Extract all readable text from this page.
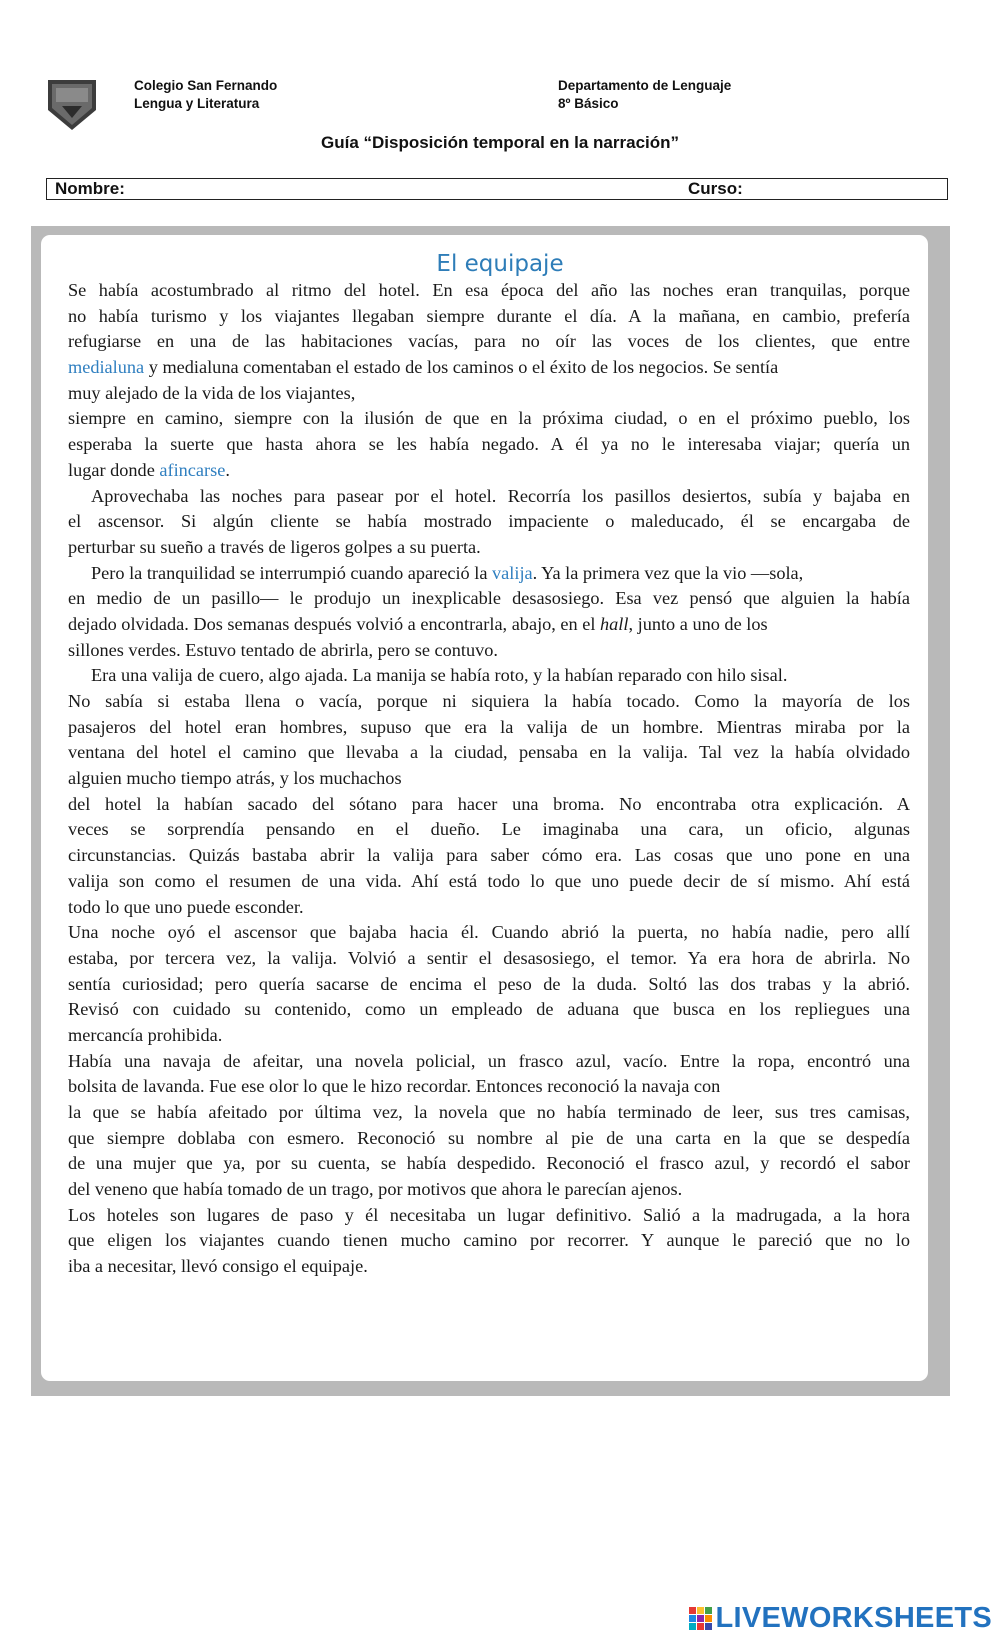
Colegio San Fernando
Lengua y Literatura
Departamento de Lenguaje
8º Básico
Guía “Disposición temporal en la narración”
Nombre:	Curso:
El equipaje
Se había acostumbrado al ritmo del hotel. En esa época del año las noches eran tranquilas, porque
no había turismo y los viajantes llegaban siempre durante el día. A la mañana, en cambio, prefería
refugiarse en una de las habitaciones vacías, para no oír las voces de los clientes, que entre
medialuna y medialuna comentaban el estado de los caminos o el éxito de los negocios. Se sentía
muy alejado de la vida de los viajantes,
siempre en camino, siempre con la ilusión de que en la próxima ciudad, o en el próximo pueblo, los
esperaba la suerte que hasta ahora se les había negado. A él ya no le interesaba viajar; quería un
lugar donde afincarse.
Aprovechaba las noches para pasear por el hotel. Recorría los pasillos desiertos, subía y bajaba en
el ascensor. Si algún cliente se había mostrado impaciente o maleducado, él se encargaba de
perturbar su sueño a través de ligeros golpes a su puerta.
Pero la tranquilidad se interrumpió cuando apareció la valija. Ya la primera vez que la vio —sola,
en medio de un pasillo— le produjo un inexplicable desasosiego. Esa vez pensó que alguien la había
dejado olvidada. Dos semanas después volvió a encontrarla, abajo, en el hall, junto a uno de los
sillones verdes. Estuvo tentado de abrirla, pero se contuvo.
Era una valija de cuero, algo ajada. La manija se había roto, y la habían reparado con hilo sisal.
No sabía si estaba llena o vacía, porque ni siquiera la había tocado. Como la mayoría de los
pasajeros del hotel eran hombres, supuso que era la valija de un hombre. Mientras miraba por la
ventana del hotel el camino que llevaba a la ciudad, pensaba en la valija. Tal vez la había olvidado
alguien mucho tiempo atrás, y los muchachos
del hotel la habían sacado del sótano para hacer una broma. No encontraba otra explicación. A
veces se sorprendía pensando en el dueño. Le imaginaba una cara, un oficio, algunas
circunstancias. Quizás bastaba abrir la valija para saber cómo era. Las cosas que uno pone en una
valija son como el resumen de una vida. Ahí está todo lo que uno puede decir de sí mismo. Ahí está
todo lo que uno puede esconder.
Una noche oyó el ascensor que bajaba hacia él. Cuando abrió la puerta, no había nadie, pero allí
estaba, por tercera vez, la valija. Volvió a sentir el desasosiego, el temor. Ya era hora de abrirla. No
sentía curiosidad; pero quería sacarse de encima el peso de la duda. Soltó las dos trabas y la abrió.
Revisó con cuidado su contenido, como un empleado de aduana que busca en los repliegues una
mercancía prohibida.
Había una navaja de afeitar, una novela policial, un frasco azul, vacío. Entre la ropa, encontró una
bolsita de lavanda. Fue ese olor lo que le hizo recordar. Entonces reconoció la navaja con
la que se había afeitado por última vez, la novela que no había terminado de leer, sus tres camisas,
que siempre doblaba con esmero. Reconoció su nombre al pie de una carta en la que se despedía
de una mujer que ya, por su cuenta, se había despedido. Reconoció el frasco azul, y recordó el sabor
del veneno que había tomado de un trago, por motivos que ahora le parecían ajenos.
Los hoteles son lugares de paso y él necesitaba un lugar definitivo. Salió a la madrugada, a la hora
que eligen los viajantes cuando tienen mucho camino por recorrer. Y aunque le pareció que no lo
iba a necesitar, llevó consigo el equipaje.
LIVEWORKSHEETS
